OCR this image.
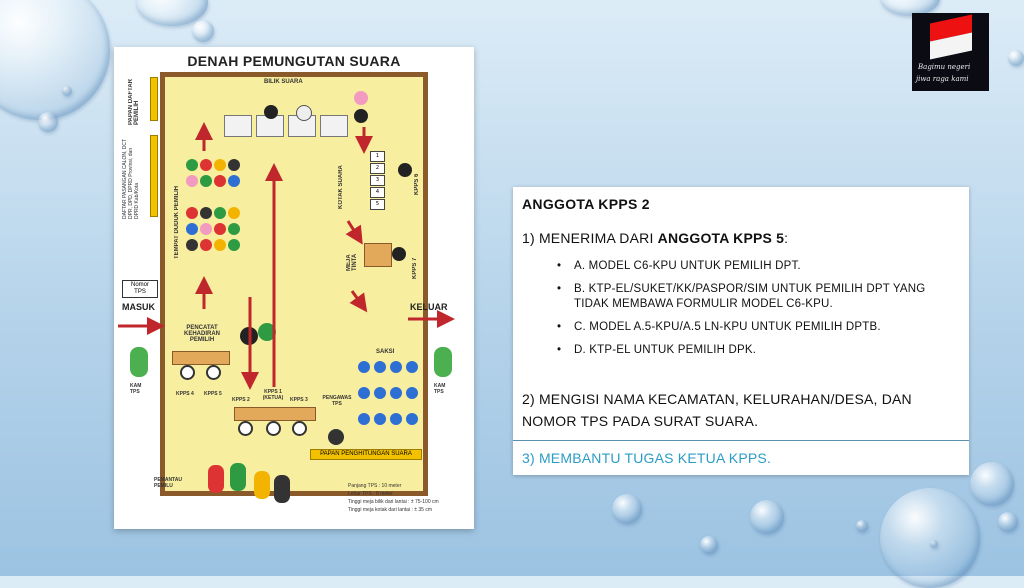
DENAH PEMUNGUTAN SUARA
PAPAN DAFTAR PEMILIH
DAFTAR PASANGAN CALON, DCT DPR, DPD, DPRD Provinsi, dan DPRD Kab/Kota
BILIK SUARA
TEMPAT DUDUK PEMILIH
1
2
3
4
5
KOTAK SUARA	KPPS 6
MEJA TINTA	KPPS 7
Nomor TPS
MASUK	KELUAR
PENCATAT KEHADIRAN PEMILIH
KPPS 4 KPPS 5
KPPS 2
KPPS 1 (KETUA)	KPPS 3	PENGAWAS TPS
SAKSI
PAPAN PENGHITUNGAN SUARA
KAM TPS
KAM TPS
PEMANTAU PEMILU	Panjang TPS : 10 meter
Lebar TPS : 8 meter
Tinggi meja bilik dari lantai : ± 75-100 cm
Tinggi meja kotak dari lantai : ± 35 cm
Bagimu negeri
jiwa raga kami
ANGGOTA KPPS 2
1) MENERIMA DARI ANGGOTA KPPS 5:
• A. MODEL C6-KPU UNTUK PEMILIH DPT.
• B. KTP-EL/SUKET/KK/PASPOR/SIM UNTUK PEMILIH DPT YANG TIDAK MEMBAWA FORMULIR MODEL C6-KPU.
• C. MODEL A.5-KPU/A.5 LN-KPU UNTUK PEMILIH DPTB.
• D. KTP-EL UNTUK PEMILIH DPK.
2) MENGISI NAMA KECAMATAN, KELURAHAN/DESA, DAN NOMOR TPS PADA SURAT SUARA.
3) MEMBANTU TUGAS KETUA KPPS.
